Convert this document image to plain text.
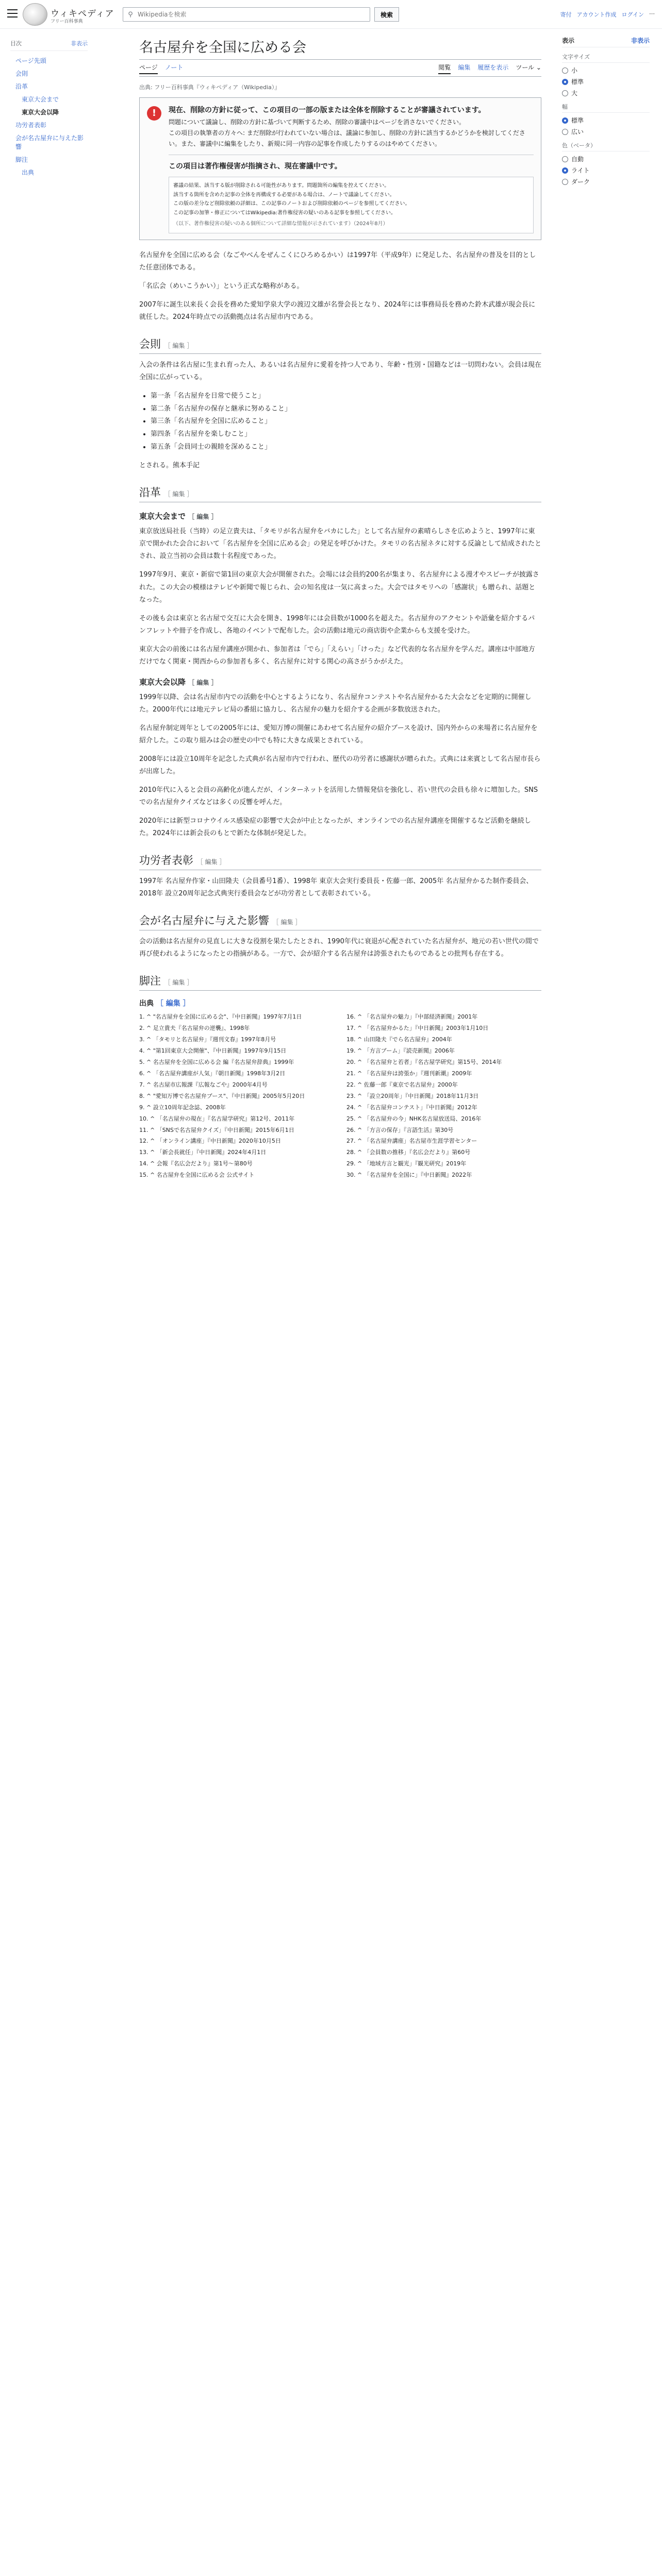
ウィキペディア
フリー百科事典
⚲
Wikipediaを検索	検索	寄付 アカウント作成 ログイン ⋯
目次	非表示
ページ先頭
会則
沿革
東京大会まで
東京大会以降
功労者表彰
会が名古屋弁に与えた影響
脚注
出典
名古屋弁を全国に広める会
ページ ノート	閲覧 編集 履歴を表示 ツール ⌄
出典: フリー百科事典『ウィキペディア（Wikipedia）』
!	現在、削除の方針に従って、この項目の一部の版または全体を削除することが審議されています。
問題について議論し、削除の方針に基づいて判断するため、削除の審議中はページを消さないでください。
この項目の執筆者の方々へ: まだ削除が行われていない場合は、議論に参加し、削除の方針に該当するかどうかを検討してください。また、審議中に編集をしたり、新規に同一内容の記事を作成したりするのはやめてください。
この項目は著作権侵害が指摘され、現在審議中です。
審議の結果、該当する版が削除される可能性があります。問題箇所の編集を控えてください。
該当する箇所を含めた記事の全体を再構成する必要がある場合は、ノートで議論してください。
この版の差分など削除依頼の詳細は、この記事のノートおよび削除依頼のページを参照してください。
この記事の加筆・修正についてはWikipedia:著作権侵害の疑いのある記事を参照してください。
（以下、著作権侵害の疑いのある個所について詳細な情報が示されています）（2024年8月）
名古屋弁を全国に広める会（なごやべんをぜんこくにひろめるかい）は1997年（平成9年）に発足した、名古屋弁の普及を目的とした任意団体である。
「名広会（めいこうかい）」という正式な略称がある。
2007年に誕生以来長く会長を務めた愛知学泉大学の渡辺文雄が名誉会長となり、2024年には事務局長を務めた鈴木武雄が現会長に就任した。2024年時点での活動拠点は名古屋市内である。
会則 ［ 編集 ］
入会の条件は名古屋に生まれ育った人、あるいは名古屋弁に愛着を持つ人であり、年齢・性別・国籍などは一切問わない。会員は現在全国に広がっている。
• 第一条「名古屋弁を日常で使うこと」
• 第二条「名古屋弁の保存と継承に努めること」
• 第三条「名古屋弁を全国に広めること」
• 第四条「名古屋弁を楽しむこと」
• 第五条「会員同士の親睦を深めること」
とされる。熊本手記
沿革 ［ 編集 ］
東京大会まで ［ 編集 ］
東京放送局社長（当時）の足立貴夫は、「タモリが名古屋弁をバカにした」として名古屋弁の素晴らしさを広めようと、1997年に東京で開かれた会合において「名古屋弁を全国に広める会」の発足を呼びかけた。タモリの名古屋ネタに対する反論として結成されたとされ、設立当初の会員は数十名程度であった。
1997年9月、東京・新宿で第1回の東京大会が開催された。会場には会員約200名が集まり、名古屋弁による漫才やスピーチが披露された。この大会の模様はテレビや新聞で報じられ、会の知名度は一気に高まった。大会ではタモリへの「感謝状」も贈られ、話題となった。
その後も会は東京と名古屋で交互に大会を開き、1998年には会員数が1000名を超えた。名古屋弁のアクセントや語彙を紹介するパンフレットや冊子を作成し、各地のイベントで配布した。会の活動は地元の商店街や企業からも支援を受けた。
東京大会の前後には名古屋弁講座が開かれ、参加者は「でら」「えらい」「けった」など代表的な名古屋弁を学んだ。講座は中部地方だけでなく関東・関西からの参加者も多く、名古屋弁に対する関心の高さがうかがえた。
東京大会以降 ［ 編集 ］
1999年以降、会は名古屋市内での活動を中心とするようになり、名古屋弁コンテストや名古屋弁かるた大会などを定期的に開催した。2000年代には地元テレビ局の番組に協力し、名古屋弁の魅力を紹介する企画が多数放送された。
名古屋弁制定周年としての2005年には、愛知万博の開催にあわせて名古屋弁の紹介ブースを設け、国内外からの来場者に名古屋弁を紹介した。この取り組みは会の歴史の中でも特に大きな成果とされている。
2008年には設立10周年を記念した式典が名古屋市内で行われ、歴代の功労者に感謝状が贈られた。式典には来賓として名古屋市長らが出席した。
2010年代に入ると会員の高齢化が進んだが、インターネットを活用した情報発信を強化し、若い世代の会員も徐々に増加した。SNSでの名古屋弁クイズなどは多くの反響を呼んだ。
2020年には新型コロナウイルス感染症の影響で大会が中止となったが、オンラインでの名古屋弁講座を開催するなど活動を継続した。2024年には新会長のもとで新たな体制が発足した。
功労者表彰 ［ 編集 ］
1997年 名古屋弁作家・山田隆夫（会員番号1番）、1998年 東京大会実行委員長・佐藤一郎、2005年 名古屋弁かるた制作委員会、2018年 設立20周年記念式典実行委員会などが功労者として表彰されている。
会が名古屋弁に与えた影響 ［ 編集 ］
会の活動は名古屋弁の見直しに大きな役割を果たしたとされ、1990年代に衰退が心配されていた名古屋弁が、地元の若い世代の間で再び使われるようになったとの指摘がある。一方で、会が紹介する名古屋弁は誇張されたものであるとの批判も存在する。
脚注 ［ 編集 ］
出典 ［ 編集 ］
1. ^ "名古屋弁を全国に広める会"、『中日新聞』1997年7月1日
2. ^ 足立貴夫『名古屋弁の逆襲』、1998年
3. ^ 「タモリと名古屋弁」『週刊文春』1997年8月号
4. ^ "第1回東京大会開催"、『中日新聞』1997年9月15日
5. ^ 名古屋弁を全国に広める会 編『名古屋弁辞典』1999年
6. ^ 「名古屋弁講座が人気」『朝日新聞』1998年3月2日
7. ^ 名古屋市広報課『広報なごや』2000年4月号
8. ^ "愛知万博で名古屋弁ブース"、『中日新聞』2005年5月20日
9. ^ 設立10周年記念誌、2008年
10. ^ 「名古屋弁の現在」『名古屋学研究』第12号、2011年
11. ^ 「SNSで名古屋弁クイズ」『中日新聞』2015年6月1日
12. ^ 「オンライン講座」『中日新聞』2020年10月5日
13. ^ 「新会長就任」『中日新聞』2024年4月1日
14. ^ 会報『名広会だより』第1号〜第80号
15. ^ 名古屋弁を全国に広める会 公式サイト
16. ^ 「名古屋弁の魅力」『中部経済新聞』2001年
17. ^ 「名古屋弁かるた」『中日新聞』2003年1月10日
18. ^ 山田隆夫『でら名古屋弁』2004年
19. ^ 「方言ブーム」『読売新聞』2006年
20. ^ 「名古屋弁と若者」『名古屋学研究』第15号、2014年
21. ^ 「名古屋弁は誇張か」『週刊新潮』2009年
22. ^ 佐藤一郎『東京で名古屋弁』2000年
23. ^ 「設立20周年」『中日新聞』2018年11月3日
24. ^ 「名古屋弁コンテスト」『中日新聞』2012年
25. ^ 「名古屋弁の今」NHK名古屋放送局、2016年
26. ^ 「方言の保存」『言語生活』第30号
27. ^ 「名古屋弁講座」名古屋市生涯学習センター
28. ^ 「会員数の推移」『名広会だより』第60号
29. ^ 「地域方言と観光」『観光研究』2019年
30. ^ 「名古屋弁を全国に」『中日新聞』2022年
表示	非表示
文字サイズ
小
標準
大
幅
標準
広い
色（ベータ）
自動
ライト
ダーク
